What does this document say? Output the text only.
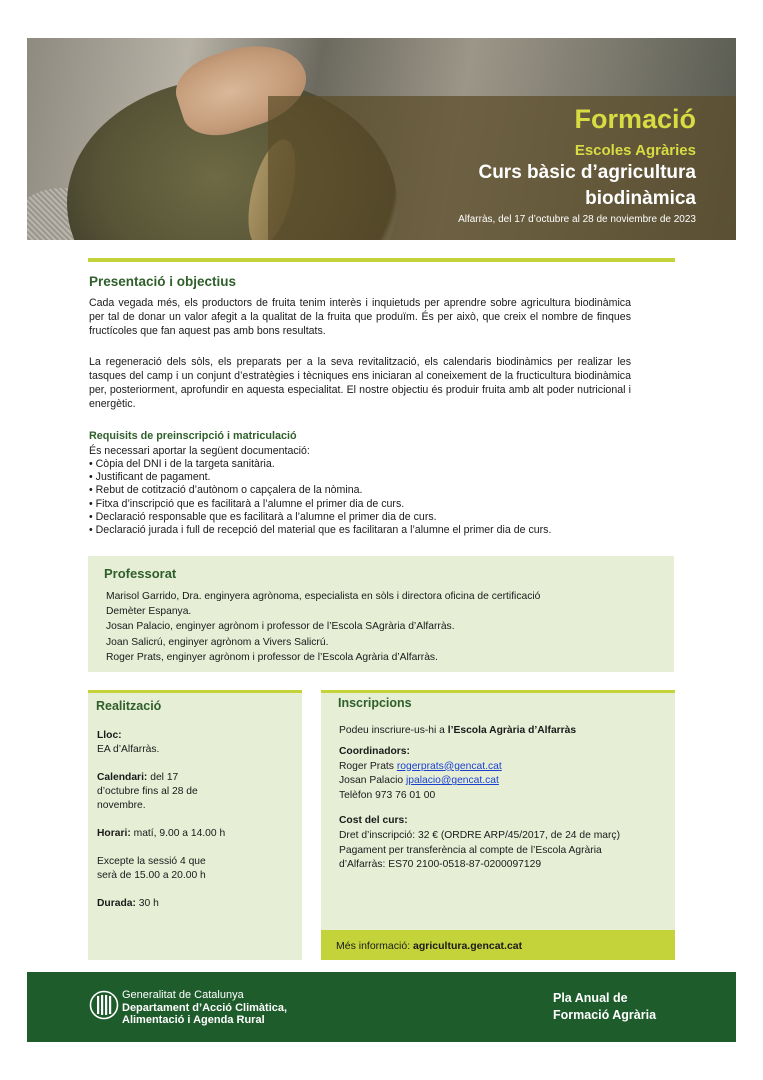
Formació
Escoles Agràries
Curs bàsic d’agricultura
biodinàmica
Alfarràs, del 17 d’octubre al 28 de noviembre de 2023
Presentació i objectius
Cada vegada més, els productors de fruita tenim interès i inquietuds per aprendre sobre agricultura biodinàmica per tal de donar un valor afegit a la qualitat de la fruita que produïm. És per això, que creix el nombre de finques fructícoles que fan aquest pas amb bons resultats.
La regeneració dels sòls, els preparats per a la seva revitalització, els calendaris biodinàmics per realizar les tasques del camp i un conjunt d’estratègies i tècniques ens iniciaran al coneixement de la fructicultura biodinàmica per, posteriorment, aprofundir en aquesta especialitat. El nostre objectiu és produir fruita amb alt poder nutricional i energètic.
Requisits de preinscripció i matriculació
És necessari aportar la següent documentació:
• Còpia del DNI i de la targeta sanitària.
• Justificant de pagament.
• Rebut de cotització d’autònom o capçalera de la nòmina.
• Fitxa d’inscripció que es facilitarà a l’alumne el primer dia de curs.
• Declaració responsable que es facilitarà a l’alumne el primer dia de curs.
• Declaració jurada i full de recepció del material que es facilitaran a l’alumne el primer dia de curs.
Professorat
Marisol Garrido, Dra. enginyera agrònoma, especialista en sòls i directora oficina de certificació
Demèter Espanya.
Josan Palacio, enginyer agrònom i professor de l’Escola SAgrària d’Alfarràs.
Joan Salicrú, enginyer agrònom a Vivers Salicrú.
Roger Prats, enginyer agrònom i professor de l’Escola Agrària d’Alfarràs.
Realització
Lloc:
EA d’Alfarràs.
Calendari: del 17
d’octubre fins al 28 de
novembre.
Horari: matí, 9.00 a 14.00 h
Excepte la sessió 4 que
serà de 15.00 a 20.00 h
Durada: 30 h
Inscripcions
Podeu inscriure-us-hi a l’Escola Agrària d’Alfarràs
Coordinadors:
Roger Prats rogerprats@gencat.cat
Josan Palacio jpalacio@gencat.cat
Telèfon 973 76 01 00
Cost del curs:
Dret d’inscripció: 32 € (ORDRE ARP/45/2017, de 24 de març)
Pagament per transferència al compte de l’Escola Agrària
d’Alfarràs: ES70 2100-0518-87-0200097129
Més informació: agricultura.gencat.cat
Generalitat de Catalunya
Departament d’Acció Climàtica,
Alimentació i Agenda Rural
Pla Anual de
Formació Agrària
